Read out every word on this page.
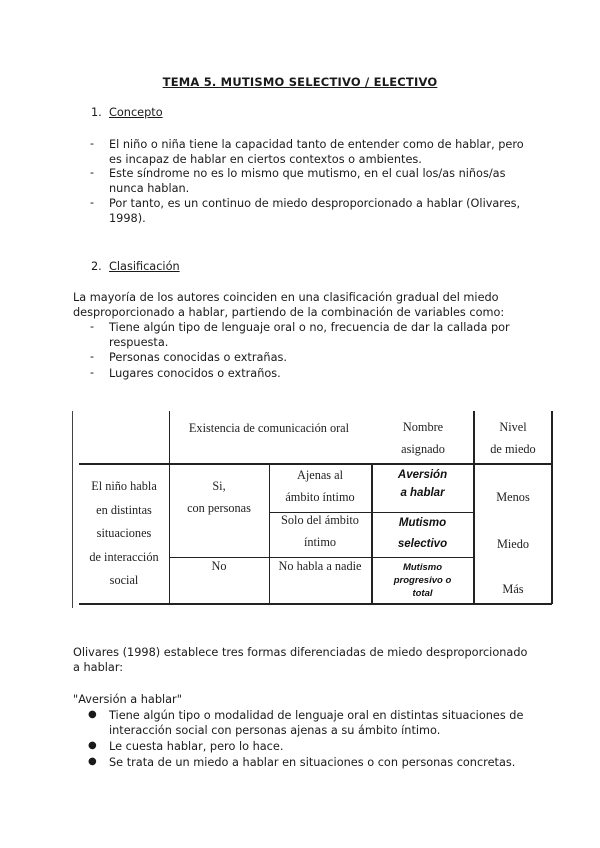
TEMA 5. MUTISMO SELECTIVO / ELECTIVO
1. Concepto
- El niño o niña tiene la capacidad tanto de entender como de hablar, pero
es incapaz de hablar en ciertos contextos o ambientes.
- Este síndrome no es lo mismo que mutismo, en el cual los/as niños/as
nunca hablan.
- Por tanto, es un continuo de miedo desproporcionado a hablar (Olivares,
1998).
2. Clasificación
La mayoría de los autores coinciden en una clasificación gradual del miedo
desproporcionado a hablar, partiendo de la combinación de variables como:
- Tiene algún tipo de lenguaje oral o no, frecuencia de dar la callada por
respuesta.
- Personas conocidas o extrañas.
- Lugares conocidos o extraños.
Existencia de comunicación oral	Nombre
asignado
Nivel
de miedo
El niño habla
en distintas
situaciones
de interacción
social
Si,
con personas
Ajenas al
ámbito íntimo
Solo del ámbito
íntimo
No	No habla a nadie
Aversión
a hablar
Mutismo
selectivo
Mutismo
progresivo o
total
Menos
Miedo
Más
Olivares (1998) establece tres formas diferenciadas de miedo desproporcionado
a hablar:
"Aversión a hablar"
● Tiene algún tipo o modalidad de lenguaje oral en distintas situaciones de
interacción social con personas ajenas a su ámbito íntimo.
● Le cuesta hablar, pero lo hace.
● Se trata de un miedo a hablar en situaciones o con personas concretas.
